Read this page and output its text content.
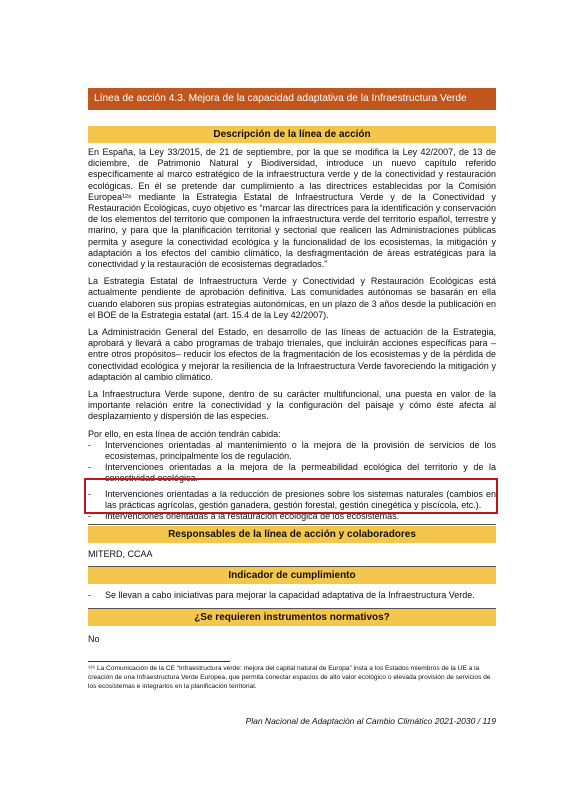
Línea de acción 4.3. Mejora de la capacidad adaptativa de la Infraestructura Verde
Descripción de la línea de acción

En España, la Ley 33/2015, de 21 de septiembre, por la que se modifica la Ley 42/2007, de 13 de diciembre, de Patrimonio Natural y Biodiversidad, introduce un nuevo capítulo referido específicamente al marco estratégico de la infraestructura verde y de la conectividad y restauración ecológicas. En él se pretende dar cumplimiento a las directrices establecidas por la Comisión Europea¹²⁶ mediante la Estrategia Estatal de Infraestructura Verde y de la Conectividad y Restauración Ecológicas, cuyo objetivo es “marcar las directrices para la identificación y conservación de los elementos del territorio que componen la infraestructura verde del territorio español, terrestre y marino, y para que la planificación territorial y sectorial que realicen las Administraciones públicas permita y asegure la conectividad ecológica y la funcionalidad de los ecosistemas, la mitigación y adaptación a los efectos del cambio climático, la desfragmentación de áreas estratégicas para la conectividad y la restauración de ecosistemas degradados.”

La Estrategia Estatal de Infraestructura Verde y Conectividad y Restauración Ecológicas está actualmente pendiente de aprobación definitiva. Las comunidades autónomas se basarán en ella cuando elaboren sus propias estrategias autonómicas, en un plazo de 3 años desde la publicación en el BOE de la Estrategia estatal (art. 15.4 de la Ley 42/2007).

La Administración General del Estado, en desarrollo de las líneas de actuación de la Estrategia, aprobará y llevará a cabo programas de trabajo trienales, que incluirán acciones específicas para –entre otros propósitos– reducir los efectos de la fragmentación de los ecosistemas y de la pérdida de conectividad ecológica y mejorar la resiliencia de la Infraestructura Verde favoreciendo la mitigación y adaptación al cambio climático.

La Infraestructura Verde supone, dentro de su carácter multifuncional, una puesta en valor de la importante relación entre la conectividad y la configuración del paisaje y cómo éste afecta al desplazamiento y dispersión de las especies.

Por ello, en esta línea de acción tendrán cabida:

-	Intervenciones orientadas al mantenimiento o la mejora de la provisión de servicios de los ecosistemas, principalmente los de regulación.
-	Intervenciones orientadas a la mejora de la permeabilidad ecológica del territorio y de la conectividad ecológica.
-	Intervenciones orientadas a la reducción de presiones sobre los sistemas naturales (cambios en las prácticas agrícolas, gestión ganadera, gestión forestal, gestión cinegética y piscícola, etc.).
-	Intervenciones orientadas a la restauración ecológica de los ecosistemas.
Responsables de la línea de acción y colaboradores
MITERD, CCAA
Indicador de cumplimiento
-	Se llevan a cabo iniciativas para mejorar la capacidad adaptativa de la Infraestructura Verde.
¿Se requieren instrumentos normativos?
No
¹²⁶ La Comunicación de la CE “Infraestructura verde: mejora del capital natural de Europa” insta a los Estados miembros de la UE a la creación de una Infraestructura Verde Europea, que permita conectar espacios de alto valor ecológico o elevada provisión de servicios de los ecosistemas e integrarlos en la planificación territorial.
Plan Nacional de Adaptación al Cambio Climático 2021-2030 / 119
